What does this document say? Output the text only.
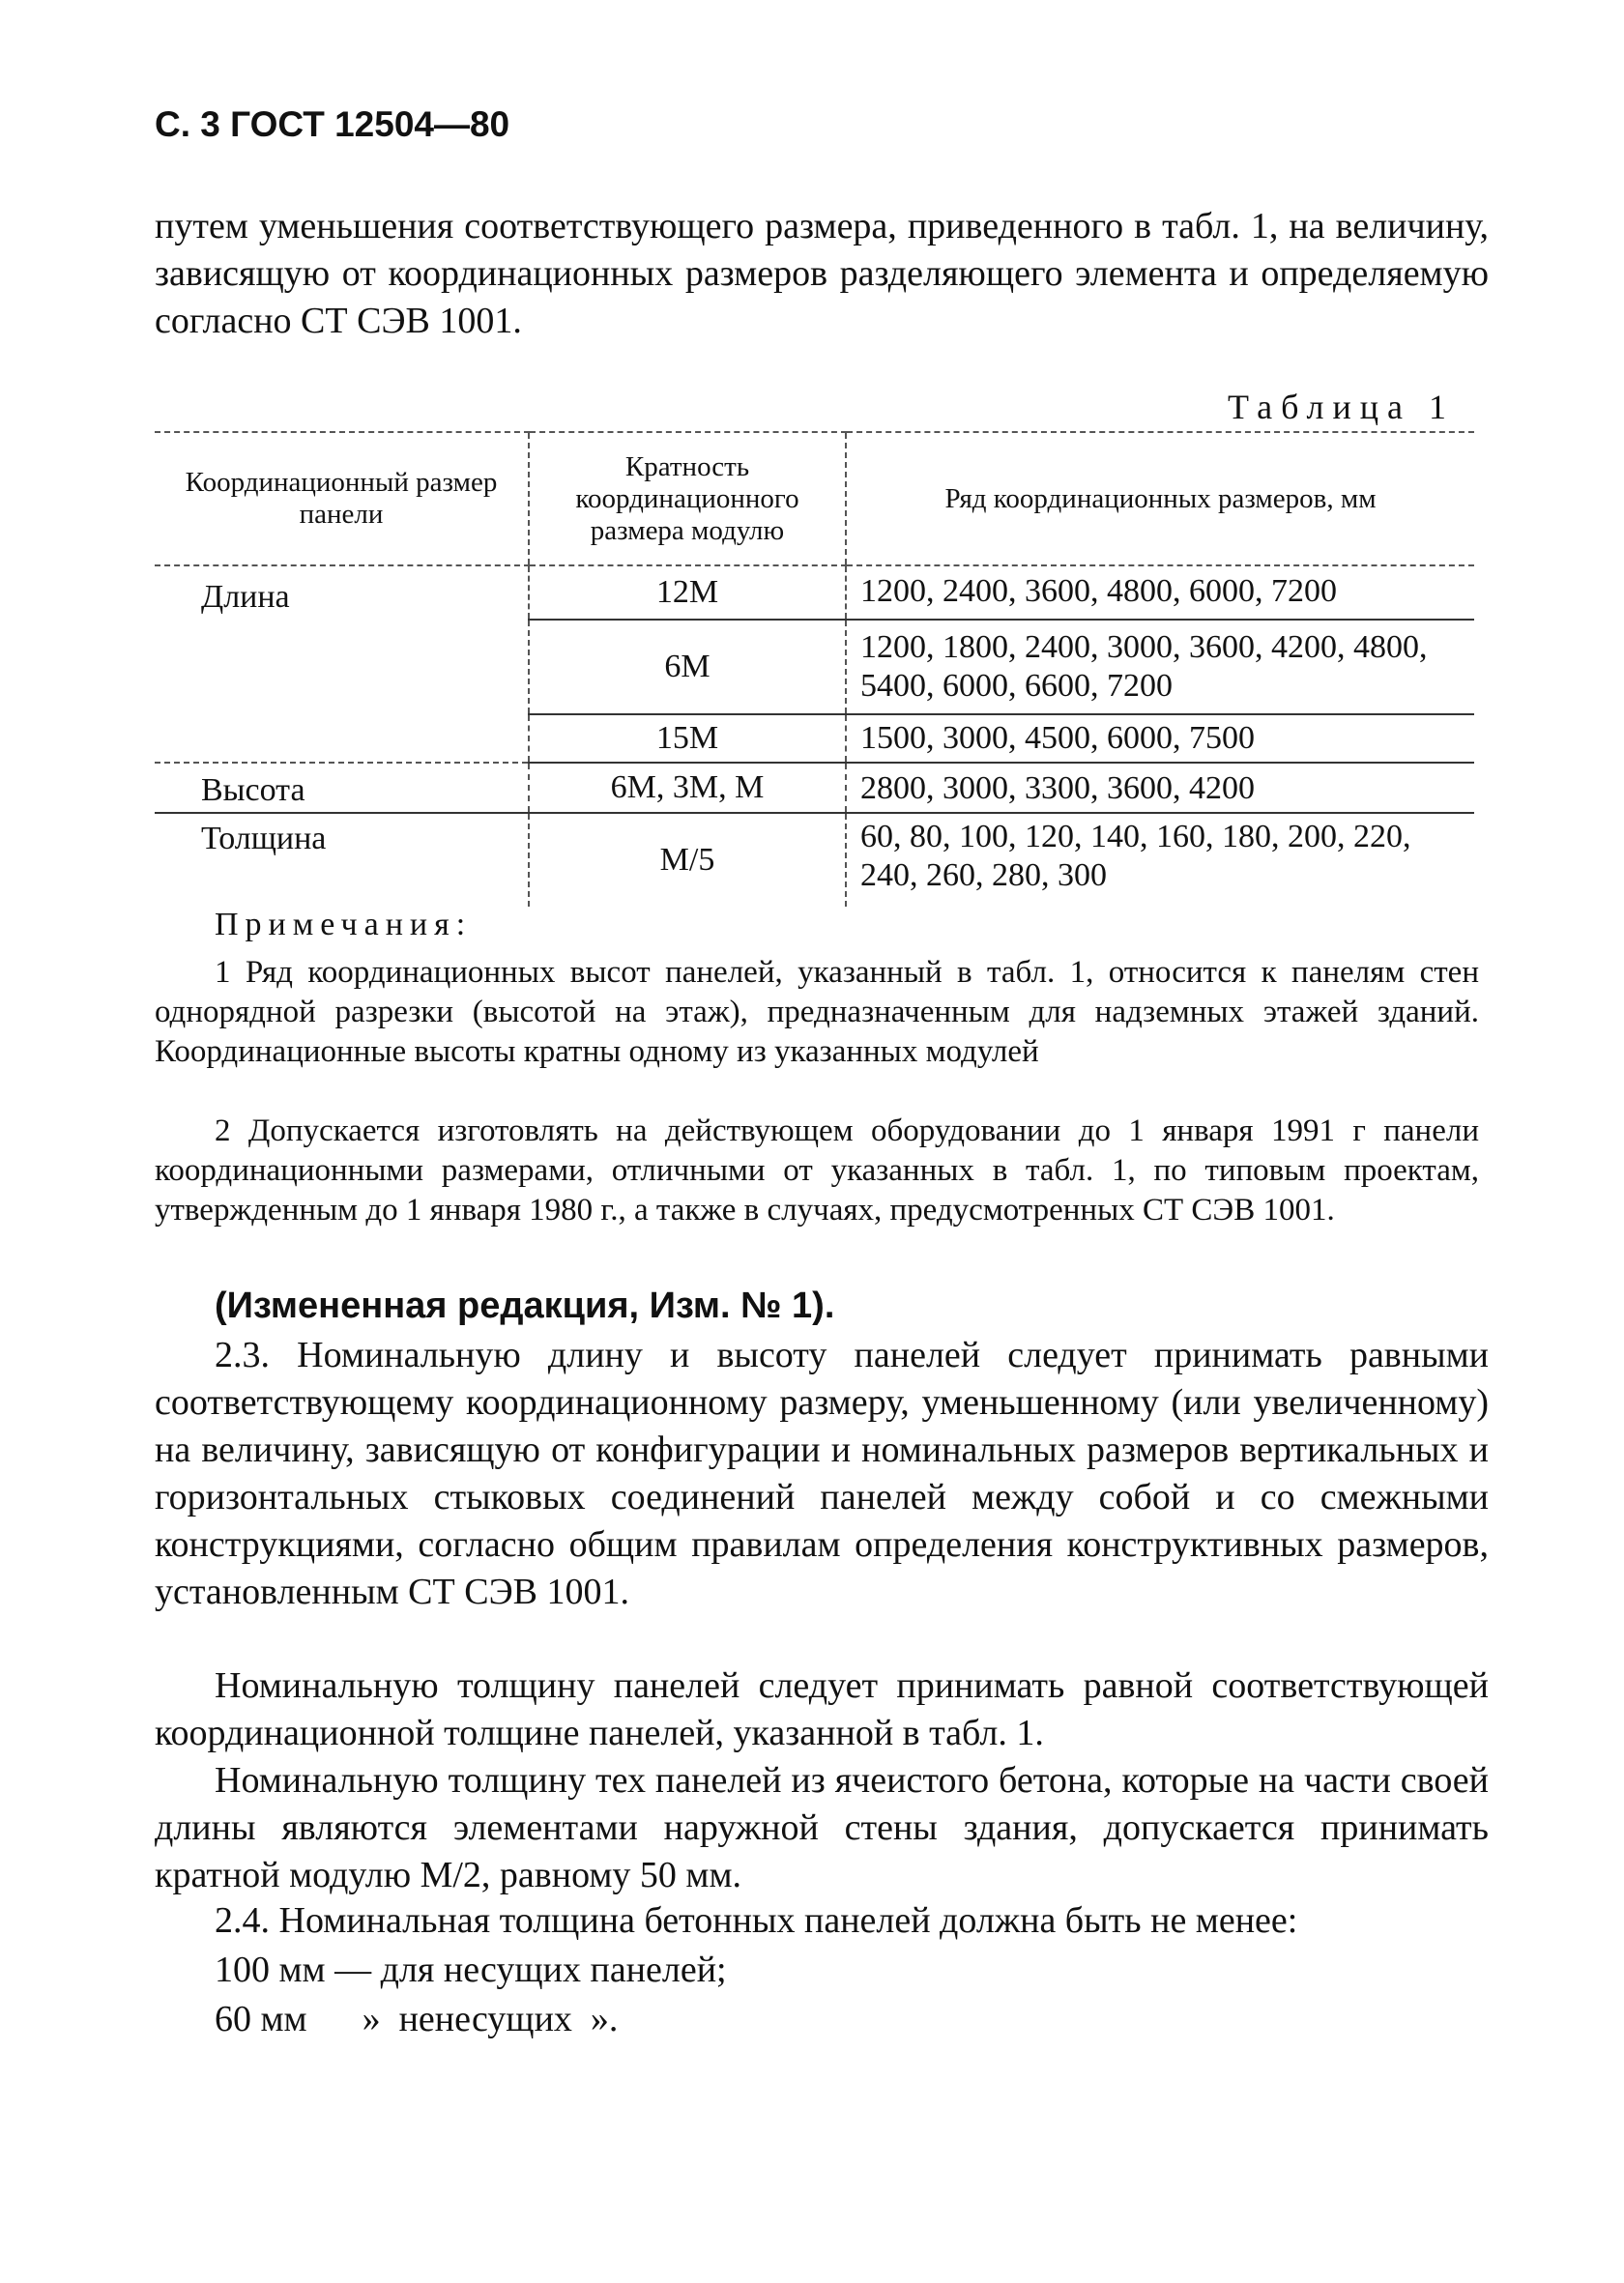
С. 3 ГОСТ 12504—80
путем уменьшения соответствующего размера, приведенного в табл. 1, на величину, зависящую от координационных размеров разделяющего элемента и определяемую согласно СТ СЭВ 1001.
Таблица 1
Координационный размер панели	Кратность координационного размера модулю	Ряд координационных размеров, мм
Длина	12М	1200, 2400, 3600, 4800, 6000, 7200
	6М	1200, 1800, 2400, 3000, 3600, 4200, 4800, 5400, 6000, 6600, 7200
	15М	1500, 3000, 4500, 6000, 7500
Высота	6М, 3М, М	2800, 3000, 3300, 3600, 4200
Толщина	М/5	60, 80, 100, 120, 140, 160, 180, 200, 220, 240, 260, 280, 300
Примечания:
1 Ряд координационных высот панелей, указанный в табл. 1, относится к панелям стен однорядной разрезки (высотой на этаж), предназначенным для надземных этажей зданий. Координационные высоты кратны одному из указанных модулей
2 Допускается изготовлять на действующем оборудовании до 1 января 1991 г панели координационными размерами, отличными от указанных в табл. 1, по типовым проектам, утвержденным до 1 января 1980 г., а также в случаях, предусмотренных СТ СЭВ 1001.
(Измененная редакция, Изм. № 1).
2.3. Номинальную длину и высоту панелей следует принимать равными соответствующему координационному размеру, уменьшенному (или увеличенному) на величину, зависящую от конфигурации и номинальных размеров вертикальных и горизонтальных стыковых соединений панелей между собой и со смежными конструкциями, согласно общим правилам определения конструктивных размеров, установленным СТ СЭВ 1001.
Номинальную толщину панелей следует принимать равной соответствующей координационной толщине панелей, указанной в табл. 1.
Номинальную толщину тех панелей из ячеистого бетона, которые на части своей длины являются элементами наружной стены здания, допускается принимать кратной модулю М/2, равному 50 мм.
2.4. Номинальная толщина бетонных панелей должна быть не менее:
100 мм — для несущих панелей;
60 мм      »  ненесущих  ».
